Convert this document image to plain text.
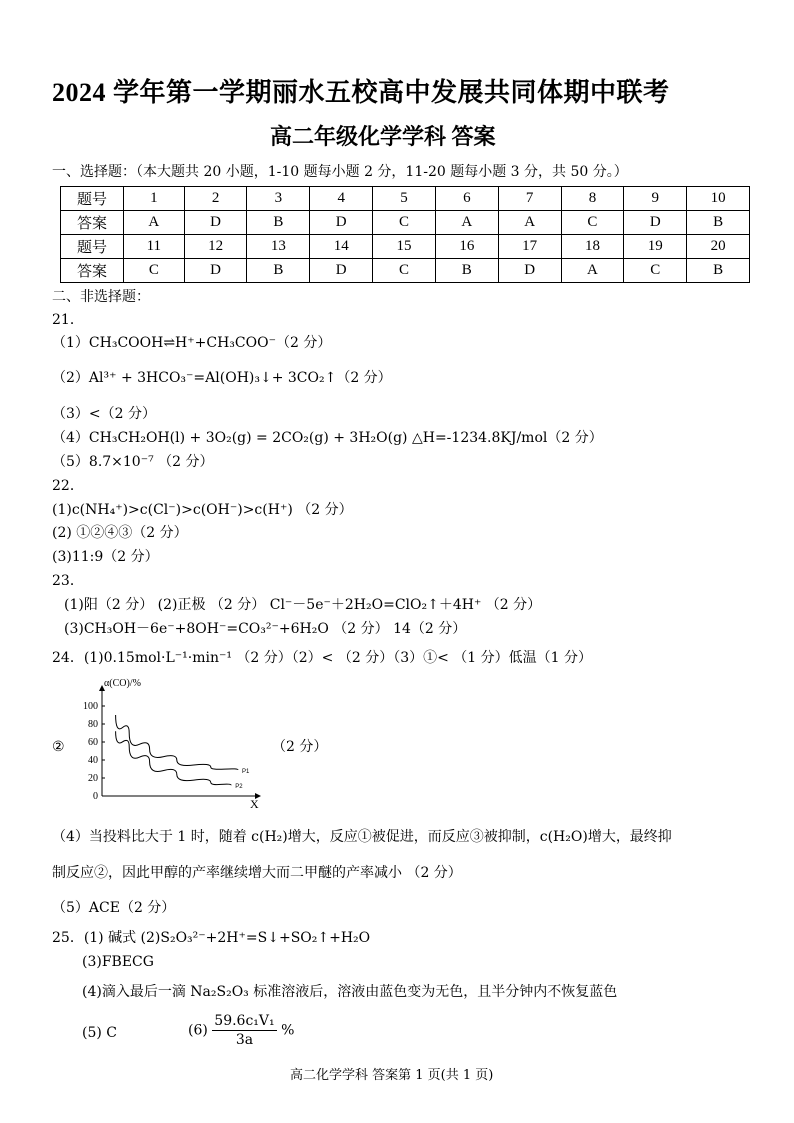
2024 学年第一学期丽水五校高中发展共同体期中联考
高二年级化学学科 答案
一、选择题：（本大题共 20 小题，1-10 题每小题 2 分，11-20 题每小题 3 分，共 50 分。）
题号	1	2	3	4	5	6	7	8	9	10
答案	A	D	B	D	C	A	A	C	D	B
题号	11	12	13	14	15	16	17	18	19	20
答案	C	D	B	D	C	B	D	A	C	B
二、非选择题：
21．
（1）CH₃COOH⇌H⁺+CH₃COO⁻（2 分）
（2）Al³⁺ + 3HCO₃⁻=Al(OH)₃↓+ 3CO₂↑（2 分）
（3）<（2 分）
（4）CH₃CH₂OH(l) + 3O₂(g) = 2CO₂(g) + 3H₂O(g) △H=-1234.8KJ/mol（2 分）
（5）8.7×10⁻⁷ （2 分）
22．
(1)c(NH₄⁺)>c(Cl⁻)>c(OH⁻)>c(H⁺) （2 分）
(2) ①②④③（2 分）
(3)11:9（2 分）
23．
(1)阳（2 分） (2)正极 （2 分） Cl⁻－5e⁻＋2H₂O=ClO₂↑＋4H⁺ （2 分）
(3)CH₃OH－6e⁻+8OH⁻=CO₃²⁻+6H₂O （2 分） 14（2 分）
24．(1)0.15mol·L⁻¹·min⁻¹ （2 分）（2）< （2 分）（3）①< （1 分）低温（1 分）
②	（2 分）
α(CO)/%
X
100
80
60
40
20
0
P1
P2
（4）当投料比大于 1 时，随着 c(H₂)增大，反应①被促进，而反应③被抑制，c(H₂O)增大，最终抑
制反应②，因此甲醇的产率继续增大而二甲醚的产率减小 （2 分）
（5）ACE（2 分）
25．(1) 碱式 (2)S₂O₃²⁻+2H⁺=S↓+SO₂↑+H₂O
(3)FBECG
(4)滴入最后一滴 Na₂S₂O₃ 标准溶液后，溶液由蓝色变为无色，且半分钟内不恢复蓝色
(5) C	$(6) \frac{\text{59.6c₁V₁}}{3a}$ %
高二化学学科 答案第 1 页(共 1 页)
